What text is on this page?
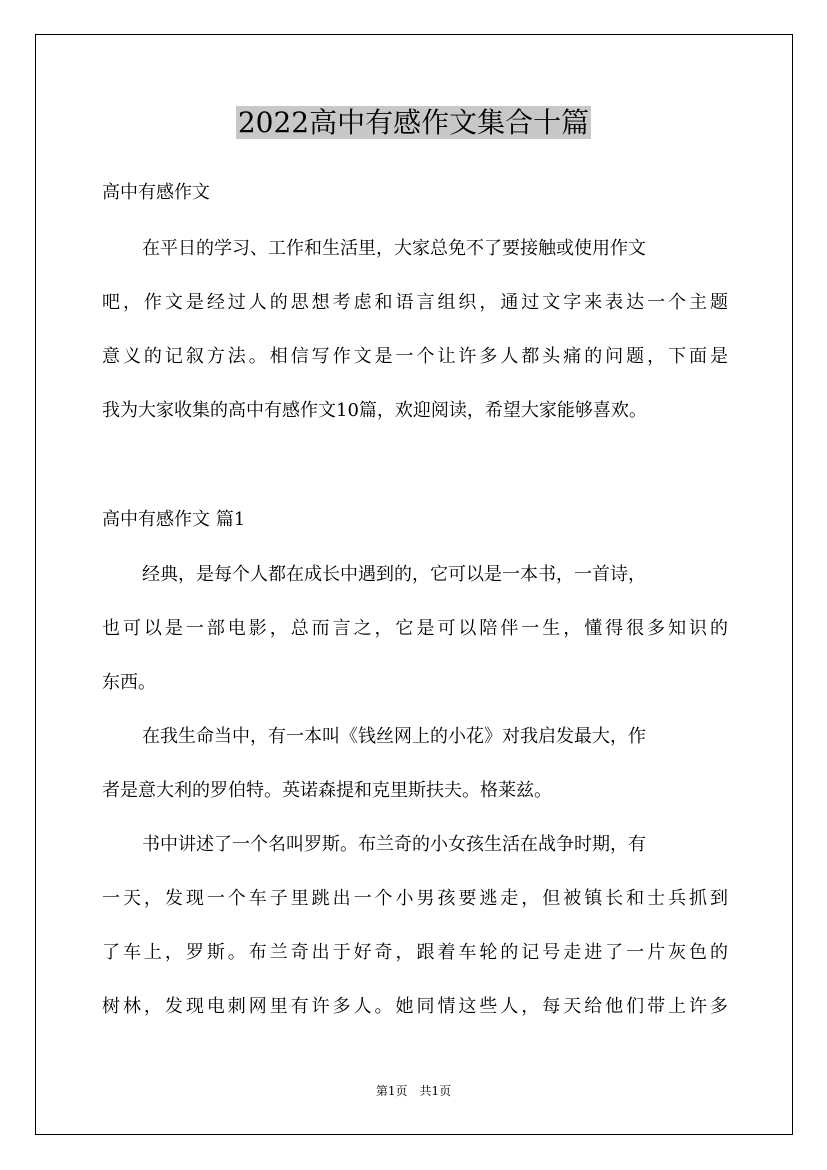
2022高中有感作文集合十篇
高中有感作文
在平日的学习、工作和生活里，大家总免不了要接触或使用作文
吧，作文是经过人的思想考虑和语言组织，通过文字来表达一个主题
意义的记叙方法。相信写作文是一个让许多人都头痛的问题，下面是
我为大家收集的高中有感作文10篇，欢迎阅读，希望大家能够喜欢。
高中有感作文 篇1
经典，是每个人都在成长中遇到的，它可以是一本书，一首诗，
也可以是一部电影，总而言之，它是可以陪伴一生，懂得很多知识的
东西。
在我生命当中，有一本叫《钱丝网上的小花》对我启发最大，作
者是意大利的罗伯特。英诺森提和克里斯扶夫。格莱兹。
书中讲述了一个名叫罗斯。布兰奇的小女孩生活在战争时期，有
一天，发现一个车子里跳出一个小男孩要逃走，但被镇长和士兵抓到
了车上，罗斯。布兰奇出于好奇，跟着车轮的记号走进了一片灰色的
树林，发现电刺网里有许多人。她同情这些人，每天给他们带上许多
第1页　共1页
